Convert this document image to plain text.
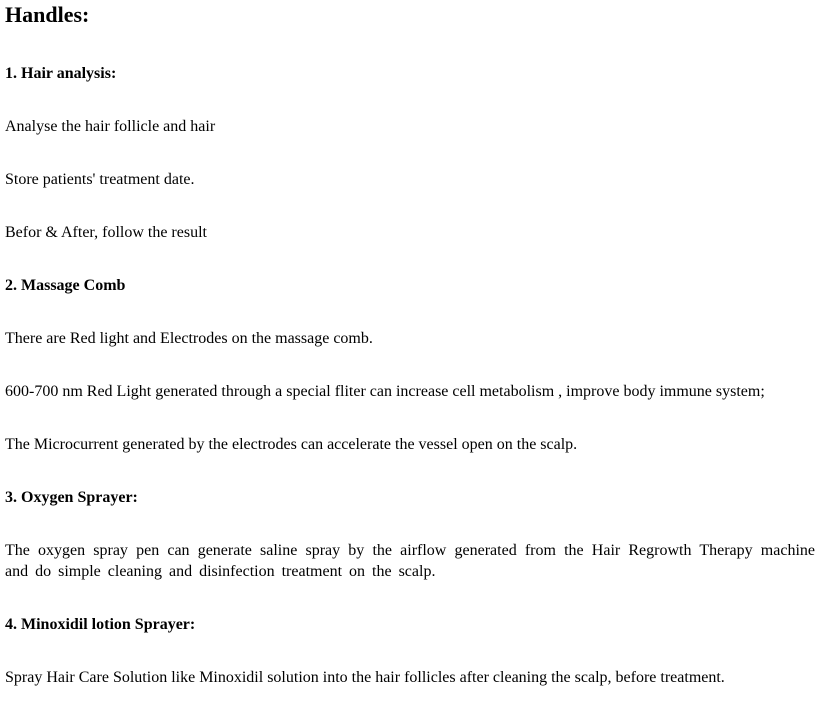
Handles:
1. Hair analysis:
Analyse the hair follicle and hair
Store patients' treatment date.
Befor & After, follow the result
2. Massage Comb
There are Red light and Electrodes on the massage comb.
600-700 nm Red Light generated through a special fliter can increase cell metabolism , improve body immune system;
The Microcurrent generated by the electrodes can accelerate the vessel open on the scalp.
3. Oxygen Sprayer:
The oxygen spray pen can generate saline spray by the airflow generated from the Hair Regrowth Therapy machine and do simple cleaning and disinfection treatment on the scalp.
4. Minoxidil lotion Sprayer:
Spray Hair Care Solution like Minoxidil solution into the hair follicles after cleaning the scalp, before treatment.
